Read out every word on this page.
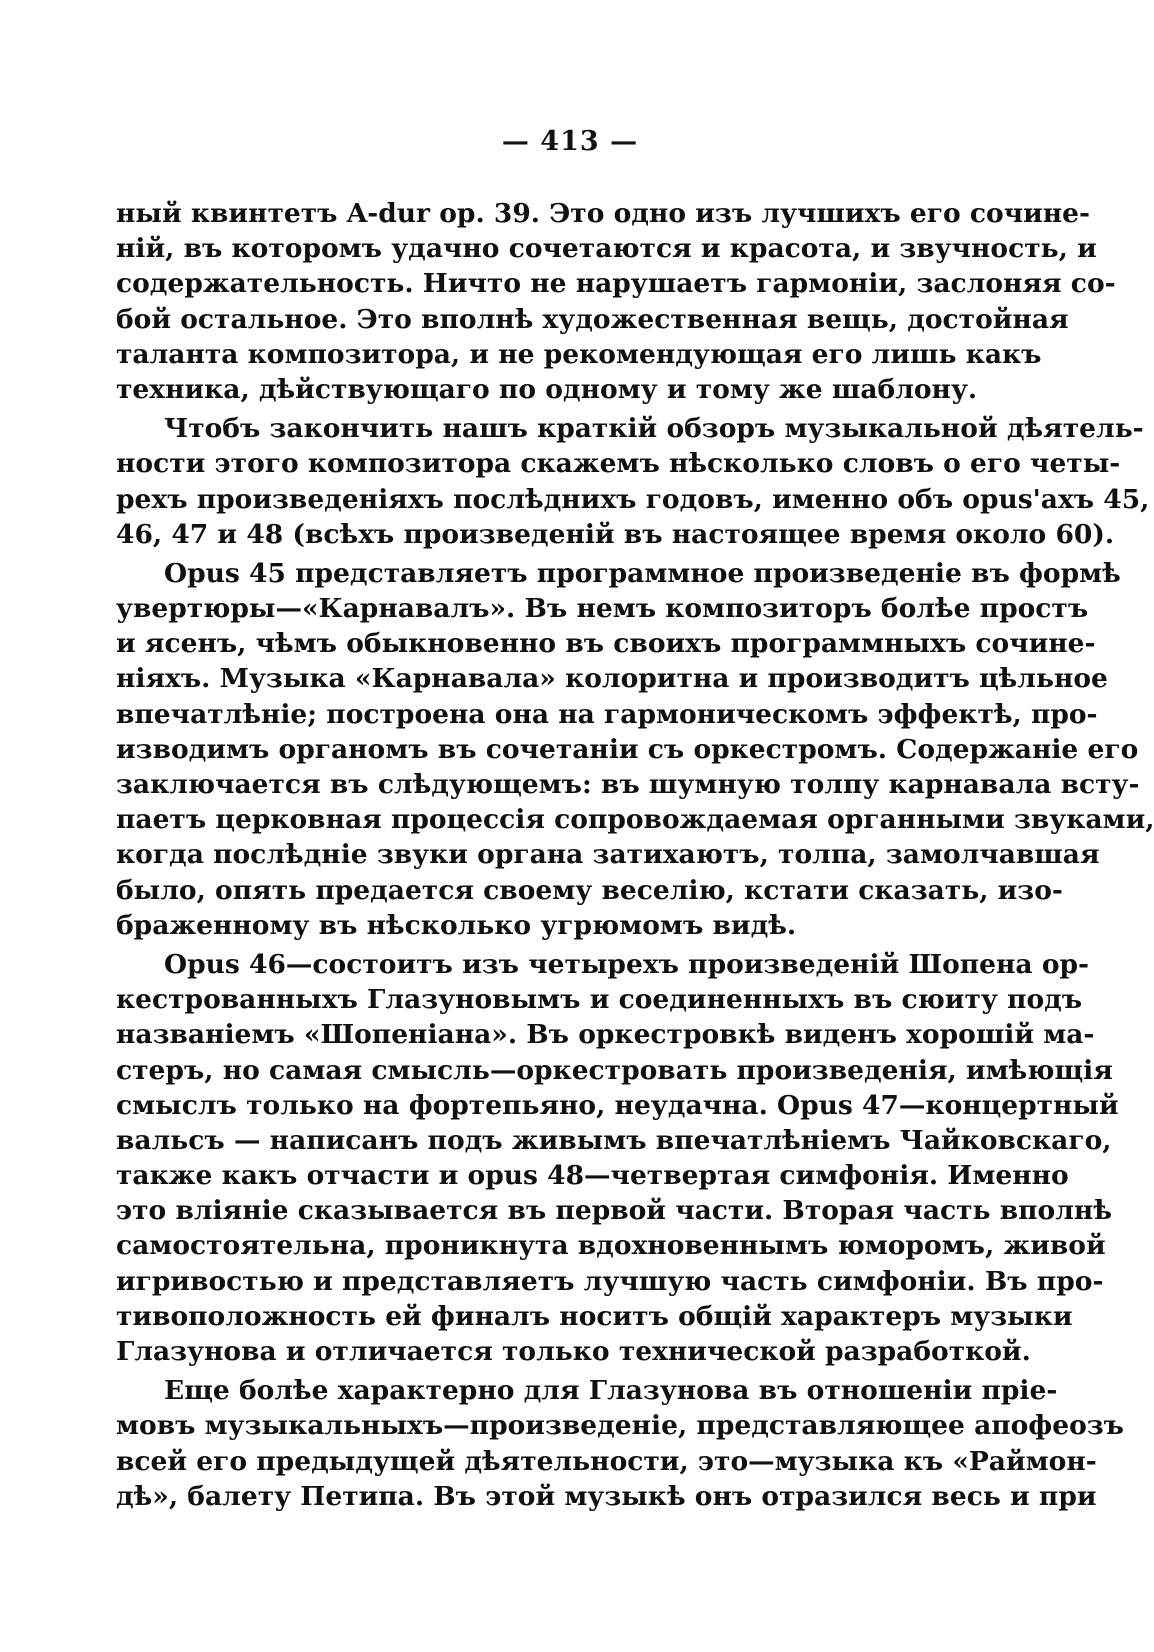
— 413 —
ный квинтетъ A-dur op. 39. Это одно изъ лучшихъ его сочине-
ній, въ которомъ удачно сочетаются и красота, и звучность, и
содержательность. Ничто не нарушаетъ гармоніи, заслоняя со-
бой остальное. Это вполнѣ художественная вещь, достойная
таланта композитора, и не рекомендующая его лишь какъ
техника, дѣйствующаго по одному и тому же шаблону.
Чтобъ закончить нашъ краткій обзоръ музыкальной дѣятель-
ности этого композитора скажемъ нѣсколько словъ о его четы-
рехъ произведеніяхъ послѣднихъ годовъ, именно объ opus'ахъ 45,
46, 47 и 48 (всѣхъ произведеній въ настоящее время около 60).
Opus 45 представляетъ программное произведеніе въ формѣ
увертюры—«Карнавалъ». Въ немъ композиторъ болѣе простъ
и ясенъ, чѣмъ обыкновенно въ своихъ программныхъ сочине-
ніяхъ. Музыка «Карнавала» колоритна и производитъ цѣльное
впечатлѣніе; построена она на гармоническомъ эффектѣ, про-
изводимъ органомъ въ сочетаніи съ оркестромъ. Содержаніе его
заключается въ слѣдующемъ: въ шумную толпу карнавала всту-
паетъ церковная процессія сопровождаемая органными звуками,
когда послѣдніе звуки органа затихаютъ, толпа, замолчавшая
было, опять предается своему веселію, кстати сказать, изо-
браженному въ нѣсколько угрюмомъ видѣ.
Opus 46—состоитъ изъ четырехъ произведеній Шопена ор-
кестрованныхъ Глазуновымъ и соединенныхъ въ сюиту подъ
названіемъ «Шопеніана». Въ оркестровкѣ виденъ хорошій ма-
стеръ, но самая смысль—оркестровать произведенія, имѣющія
смыслъ только на фортепьяно, неудачна. Opus 47—концертный
вальсъ — написанъ подъ живымъ впечатлѣніемъ Чайковскаго,
также какъ отчасти и opus 48—четвертая симфонія. Именно
это вліяніе сказывается въ первой части. Вторая часть вполнѣ
самостоятельна, проникнута вдохновеннымъ юморомъ, живой
игривостью и представляетъ лучшую часть симфоніи. Въ про-
тивоположность ей финалъ носитъ общій характеръ музыки
Глазунова и отличается только технической разработкой.
Еще болѣе характерно для Глазунова въ отношеніи пріе-
мовъ музыкальныхъ—произведеніе, представляющее апофеозъ
всей его предыдущей дѣятельности, это—музыка къ «Раймон-
дѣ», балету Петипа. Въ этой музыкѣ онъ отразился весь и при
